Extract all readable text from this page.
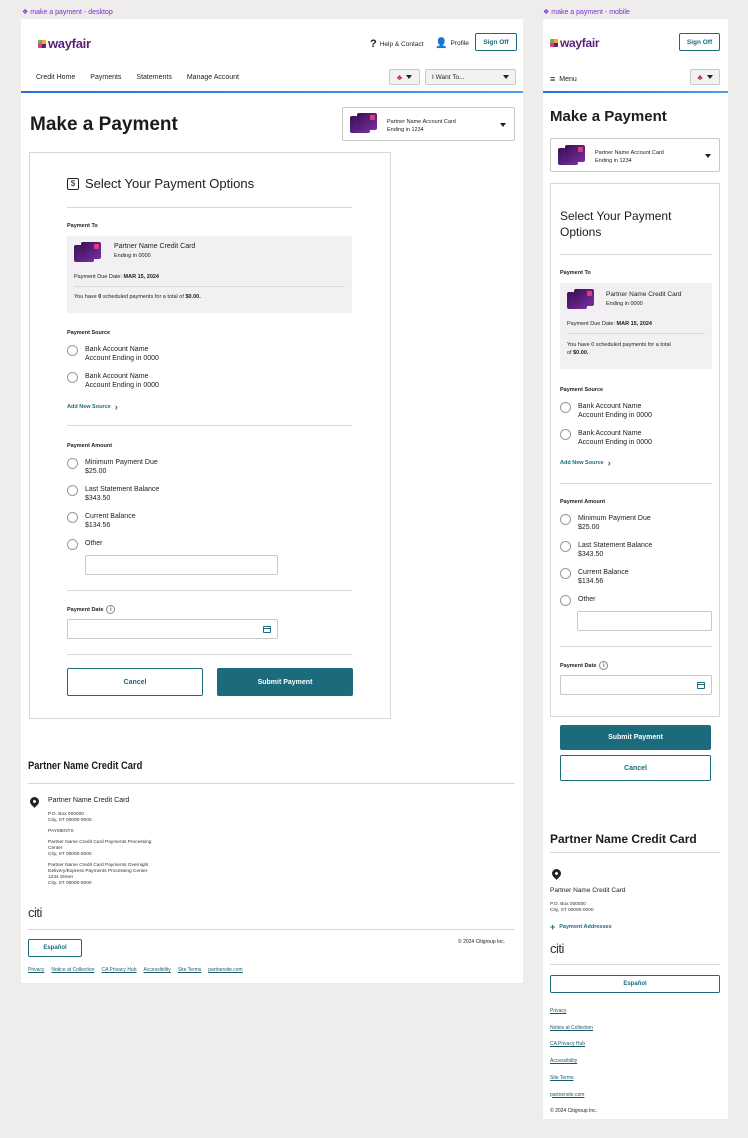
❖ make a payment - desktop	❖ make a payment - mobile
wayfair	? Help & Contact 👤 Profile	Sign Off
Credit Home Payments Statements Manage Account	♣	I Want To...
Make a Payment	Partner Name Account Card
Ending in 1234
$ Select Your Payment Options
Payment To
Partner Name Credit Card
Ending in 0000
Payment Due Date: MAR 15, 2024
You have 0 scheduled payments for a total of $0.00.
Payment Source
Bank Account Name
Account Ending in 0000
Bank Account Name
Account Ending in 0000
Add New Source ›
Payment Amount
Minimum Payment Due
$25.00
Last Statement Balance
$343.50
Current Balance
$134.56
Other
Payment Date	i
Cancel	Submit Payment
Partner Name Credit Card
Partner Name Credit Card
P.O. Box 000000
City, ST 00000-0000
PAYMENTS
Partner Name Credit Card Payments Processing
Center
City, ST 00000-0000
Partner Name Credit Card Payments Overnight
Delivery/Express Payments Processing Center
1234 Street
City, ST 00000-0000
citi
Español
© 2024 Citigroup Inc.
Privacy Notice at Collection CA Privacy Hub Accessibility Site Terms partnersite.com
wayfair	Sign Off
≡ Menu	♣
Make a Payment
Partner Name Account Card
Ending in 1234
Select Your Payment Options
Payment To
Partner Name Credit Card
Ending in 0000
Payment Due Date: MAR 15, 2024
You have 0 scheduled payments for a total
of $0.00.
Payment Source
Bank Account Name
Account Ending in 0000
Bank Account Name
Account Ending in 0000
Add New Source ›
Payment Amount
Minimum Payment Due
$25.00
Last Statement Balance
$343.50
Current Balance
$134.56
Other
Payment Date	i
Submit Payment
Cancel
Partner Name Credit Card
Partner Name Credit Card
P.O. Box 000000
City, ST 00000-0000
+ Payment Addresses
citi
Español
Privacy
Notice at Collection
CA Privacy Hub
Accessibility
Site Terms
partnersite.com
© 2024 Citigroup Inc.
